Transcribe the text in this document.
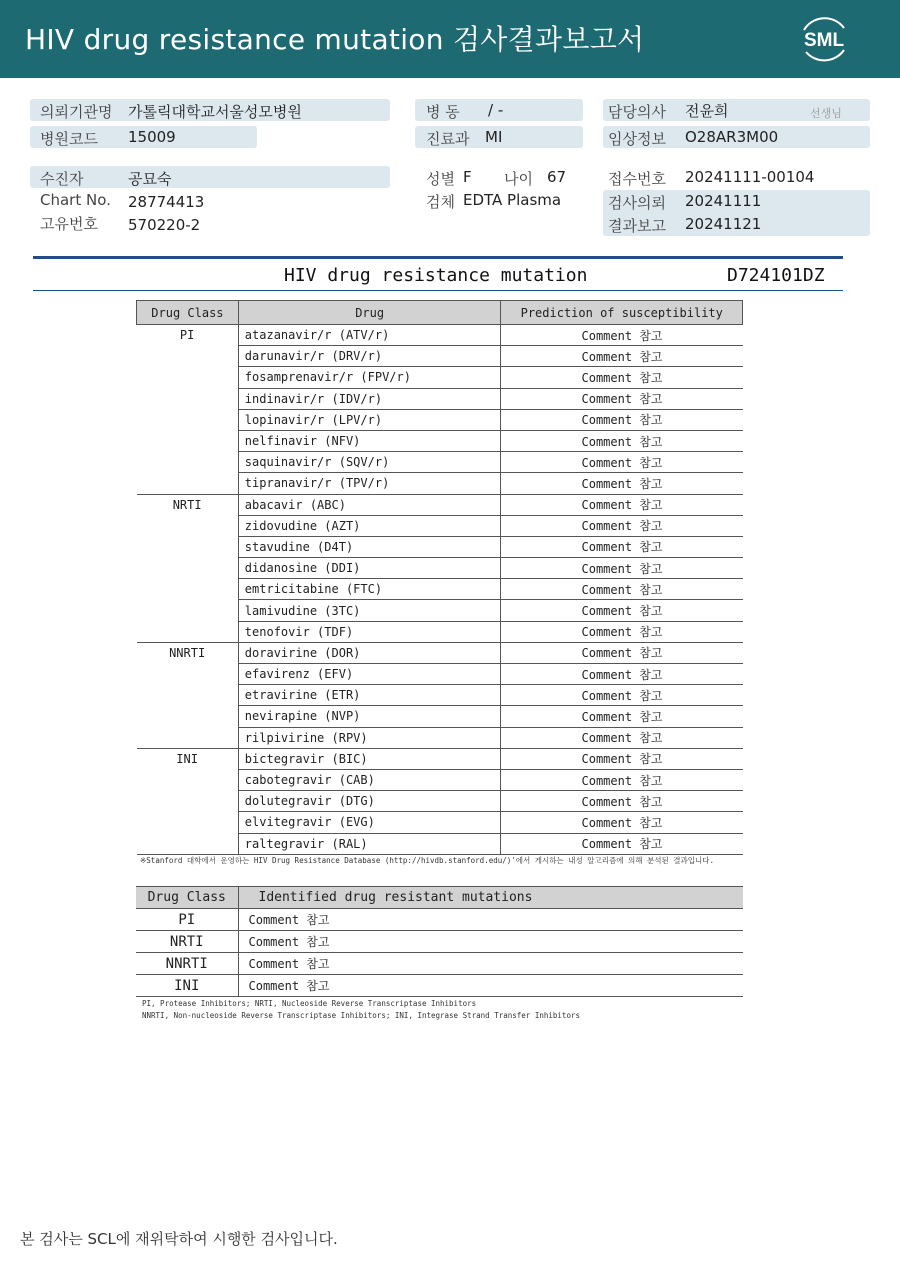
HIV drug resistance mutation 검사결과보고서	SML
의뢰기관명 가톨릭대학교서울성모병원	병 동 / -	담당의사 전윤희	선생님
병원코드 15009	진료과 MI	임상정보 O28AR3M00
수진자	공묘숙
Chart No. 28774413
고유번호 570220-2
성별 F 나이 67
검체 EDTA Plasma
접수번호 20241111-00104
검사의뢰 20241111
결과보고 20241121
HIV drug resistance mutation	D724101DZ
Drug Class	Drug	Prediction of susceptibility
PI	atazanavir/r (ATV/r)	Comment 참고
	darunavir/r (DRV/r)	Comment 참고
	fosamprenavir/r (FPV/r)	Comment 참고
	indinavir/r (IDV/r)	Comment 참고
	lopinavir/r (LPV/r)	Comment 참고
	nelfinavir (NFV)	Comment 참고
	saquinavir/r (SQV/r)	Comment 참고
	tipranavir/r (TPV/r)	Comment 참고
NRTI	abacavir (ABC)	Comment 참고
	zidovudine (AZT)	Comment 참고
	stavudine (D4T)	Comment 참고
	didanosine (DDI)	Comment 참고
	emtricitabine (FTC)	Comment 참고
	lamivudine (3TC)	Comment 참고
	tenofovir (TDF)	Comment 참고
NNRTI	doravirine (DOR)	Comment 참고
	efavirenz (EFV)	Comment 참고
	etravirine (ETR)	Comment 참고
	nevirapine (NVP)	Comment 참고
	rilpivirine (RPV)	Comment 참고
INI	bictegravir (BIC)	Comment 참고
	cabotegravir (CAB)	Comment 참고
	dolutegravir (DTG)	Comment 참고
	elvitegravir (EVG)	Comment 참고
	raltegravir (RAL)	Comment 참고
※Stanford 대학에서 운영하는 HIV Drug Resistance Database (http://hivdb.stanford.edu/)'에서 게시하는 내성 알고리즘에 의해 분석된 결과입니다.
Drug Class	Identified drug resistant mutations
PI	Comment 참고
NRTI	Comment 참고
NNRTI	Comment 참고
INI	Comment 참고
PI, Protease Inhibitors; NRTI, Nucleoside Reverse Transcriptase Inhibitors
NNRTI, Non-nucleoside Reverse Transcriptase Inhibitors; INI, Integrase Strand Transfer Inhibitors
본 검사는 SCL에 재위탁하여 시행한 검사입니다.
